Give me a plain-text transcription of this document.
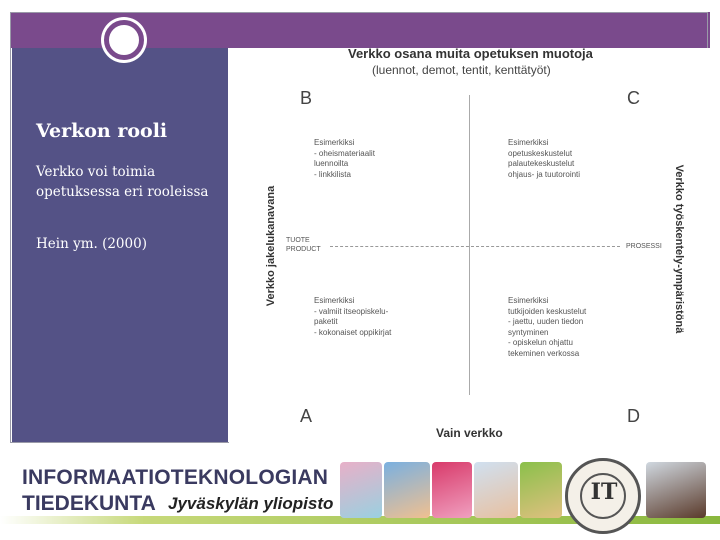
Verkon rooli
Verkko voi toimia opetuksessa eri rooleissa
Hein ym. (2000)
Verkko osana muita opetuksen muotoja
(luennot, demot, tentit, kenttätyöt)
B	C
A	D
TUOTE
PRODUCT	PROSESSI
Vain verkko
Verkko jakelukanavana	Verkko työskentely-ympäristönä
Esimerkiksi
- oheismateriaalit
luennoilta
- linkkilista
Esimerkiksi
opetuskeskustelut
palautekeskustelut
ohjaus- ja tuutorointi
Esimerkiksi
- valmiit itseopiskelu-
paketit
- kokonaiset oppikirjat
Esimerkiksi
tutkijoiden keskustelut
- jaettu, uuden tiedon
syntyminen
- opiskelun ohjattu
tekeminen verkossa
INFORMAATIOTEKNOLOGIAN
TIEDEKUNTA Jyväskylän yliopisto	IT
